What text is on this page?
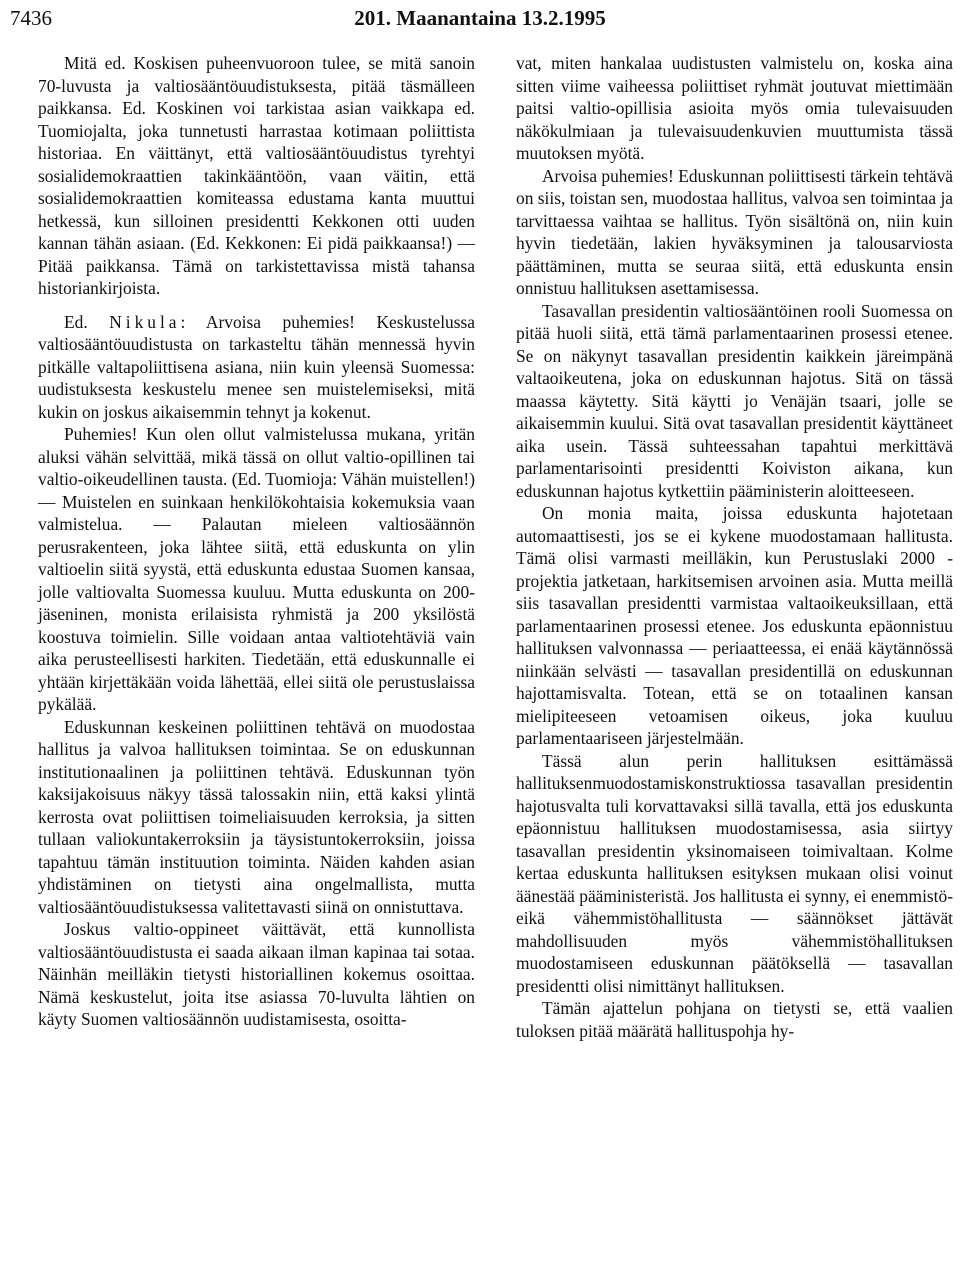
201. Maanantaina 13.2.1995
7436

Mitä ed. Koskisen puheenvuoroon tulee, se mitä sanoin 70-luvusta ja valtiosääntöuudistuksesta, pitää täsmälleen paikkansa. Ed. Koskinen voi tarkistaa asian vaikkapa ed. Tuomiojalta, joka tunnetusti harrastaa kotimaan poliittista historiaa. En väittänyt, että valtiosääntöuudistus tyrehtyi sosialidemokraattien takinkääntöön, vaan väitin, että sosialidemokraattien komiteassa edustama kanta muuttui hetkessä, kun silloinen presidentti Kekkonen otti uuden kannan tähän asiaan. (Ed. Kekkonen: Ei pidä paikkaansa!) — Pitää paikkansa. Tämä on tarkistettavissa mistä tahansa historiankirjoista.

Ed. Nikula: Arvoisa puhemies! Keskustelussa valtiosääntöuudistusta on tarkasteltu tähän mennessä hyvin pitkälle valtapoliittisena asiana, niin kuin yleensä Suomessa: uudistuksesta keskustelu menee sen muistelemiseksi, mitä kukin on joskus aikaisemmin tehnyt ja kokenut.

Puhemies! Kun olen ollut valmistelussa mukana, yritän aluksi vähän selvittää, mikä tässä on ollut valtio-opillinen tai valtio-oikeudellinen tausta. (Ed. Tuomioja: Vähän muistellen!) — Muistelen en suinkaan henkilökohtaisia kokemuksia vaan valmistelua. — Palautan mieleen valtiosäännön perusrakenteen, joka lähtee siitä, että eduskunta on ylin valtioelin siitä syystä, että eduskunta edustaa Suomen kansaa, jolle valtiovalta Suomessa kuuluu. Mutta eduskunta on 200-jäseninen, monista erilaisista ryhmistä ja 200 yksilöstä koostuva toimielin. Sille voidaan antaa valtiotehtäviä vain aika perusteellisesti harkiten. Tiedetään, että eduskunnalle ei yhtään kirjettäkään voida lähettää, ellei siitä ole perustuslaissa pykälää.

Eduskunnan keskeinen poliittinen tehtävä on muodostaa hallitus ja valvoa hallituksen toimintaa. Se on eduskunnan institutionaalinen ja poliittinen tehtävä. Eduskunnan työn kaksijakoisuus näkyy tässä talossakin niin, että kaksi ylintä kerrosta ovat poliittisen toimeliaisuuden kerroksia, ja sitten tullaan valiokuntakerroksiin ja täysistuntokerroksiin, joissa tapahtuu tämän instituution toiminta. Näiden kahden asian yhdistäminen on tietysti aina ongelmallista, mutta valtiosääntöuudistuksessa valitettavasti siinä on onnistuttava.

Joskus valtio-oppineet väittävät, että kunnollista valtiosääntöuudistusta ei saada aikaan ilman kapinaa tai sotaa. Näinhän meilläkin tietysti historiallinen kokemus osoittaa. Nämä keskustelut, joita itse asiassa 70-luvulta lähtien on käyty Suomen valtiosäännön uudistamisesta, osoitta-

vat, miten hankalaa uudistusten valmistelu on, koska aina sitten viime vaiheessa poliittiset ryhmät joutuvat miettimään paitsi valtio-opillisia asioita myös omia tulevaisuuden näkökulmiaan ja tulevaisuudenkuvien muuttumista tässä muutoksen myötä.

Arvoisa puhemies! Eduskunnan poliittisesti tärkein tehtävä on siis, toistan sen, muodostaa hallitus, valvoa sen toimintaa ja tarvittaessa vaihtaa se hallitus. Työn sisältönä on, niin kuin hyvin tiedetään, lakien hyväksyminen ja talousarviosta päättäminen, mutta se seuraa siitä, että eduskunta ensin onnistuu hallituksen asettamisessa.

Tasavallan presidentin valtiosääntöinen rooli Suomessa on pitää huoli siitä, että tämä parlamentaarinen prosessi etenee. Se on näkynyt tasavallan presidentin kaikkein järeimpänä valtaoikeutena, joka on eduskunnan hajotus. Sitä on tässä maassa käytetty. Sitä käytti jo Venäjän tsaari, jolle se aikaisemmin kuului. Sitä ovat tasavallan presidentit käyttäneet aika usein. Tässä suhteessahan tapahtui merkittävä parlamentarisointi presidentti Koiviston aikana, kun eduskunnan hajotus kytkettiin pääministerin aloitteeseen.

On monia maita, joissa eduskunta hajotetaan automaattisesti, jos se ei kykene muodostamaan hallitusta. Tämä olisi varmasti meilläkin, kun Perustuslaki 2000 -projektia jatketaan, harkitsemisen arvoinen asia. Mutta meillä siis tasavallan presidentti varmistaa valtaoikeuksillaan, että parlamentaarinen prosessi etenee. Jos eduskunta epäonnistuu hallituksen valvonnassa — periaatteessa, ei enää käytännössä niinkään selvästi — tasavallan presidentillä on eduskunnan hajottamisvalta. Totean, että se on totaalinen kansan mielipiteeseen vetoamisen oikeus, joka kuuluu parlamentaariseen järjestelmään.

Tässä alun perin hallituksen esittämässä hallituksenmuodostamiskonstruktiossa tasavallan presidentin hajotusvalta tuli korvattavaksi sillä tavalla, että jos eduskunta epäonnistuu hallituksen muodostamisessa, asia siirtyy tasavallan presidentin yksinomaiseen toimivaltaan. Kolme kertaa eduskunta hallituksen esityksen mukaan olisi voinut äänestää pääministeristä. Jos hallitusta ei synny, ei enemmistö- eikä vähemmistöhallitusta — säännökset jättävät mahdollisuuden myös vähemmistöhallituksen muodostamiseen eduskunnan päätöksellä — tasavallan presidentti olisi nimittänyt hallituksen.

Tämän ajattelun pohjana on tietysti se, että vaalien tuloksen pitää määrätä hallituspohja hy-
